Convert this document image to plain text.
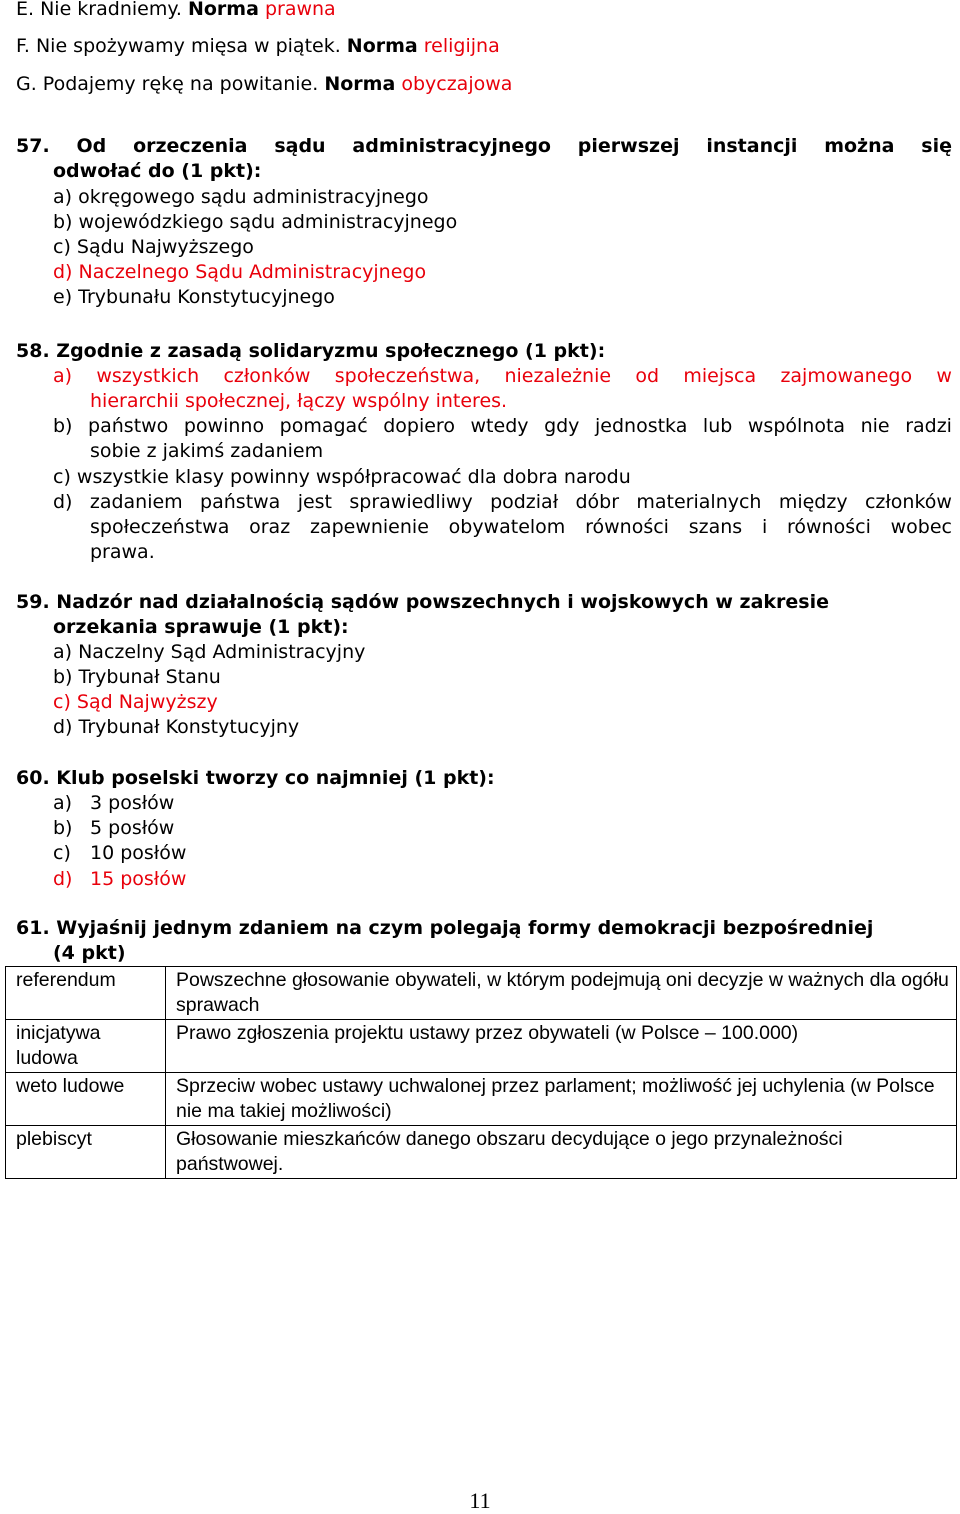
E. Nie kradniemy. Norma prawna
F. Nie spożywamy mięsa w piątek. Norma religijna
G. Podajemy rękę na powitanie. Norma obyczajowa
57. Od orzeczenia sądu administracyjnego pierwszej instancji można się
odwołać do (1 pkt):
a) okręgowego sądu administracyjnego
b) wojewódzkiego sądu administracyjnego
c) Sądu Najwyższego
d) Naczelnego Sądu Administracyjnego
e) Trybunału Konstytucyjnego
58. Zgodnie z zasadą solidaryzmu społecznego (1 pkt):
a) wszystkich członków społeczeństwa, niezależnie od miejsca zajmowanego w
hierarchii społecznej, łączy wspólny interes.
b) państwo powinno pomagać dopiero wtedy gdy jednostka lub wspólnota nie radzi
sobie z jakimś zadaniem
c) wszystkie klasy powinny współpracować dla dobra narodu
d) zadaniem państwa jest sprawiedliwy podział dóbr materialnych między członków
społeczeństwa oraz zapewnienie obywatelom równości szans i równości wobec
prawa.
59. Nadzór nad działalnością sądów powszechnych i wojskowych w zakresie
orzekania sprawuje (1 pkt):
a) Naczelny Sąd Administracyjny
b) Trybunał Stanu
c) Sąd Najwyższy
d) Trybunał Konstytucyjny
60. Klub poselski tworzy co najmniej (1 pkt):
a) 3 posłów
b) 5 posłów
c) 10 posłów
d) 15 posłów
61. Wyjaśnij jednym zdaniem na czym polegają formy demokracji bezpośredniej
(4 pkt)
referendum	Powszechne głosowanie obywateli, w którym podejmują oni decyzje w ważnych dla ogółu sprawach
inicjatywa ludowa	Prawo zgłoszenia projektu ustawy przez obywateli (w Polsce – 100.000)
weto ludowe	Sprzeciw wobec ustawy uchwalonej przez parlament; możliwość jej uchylenia (w Polsce nie ma takiej możliwości)
plebiscyt	Głosowanie mieszkańców danego obszaru decydujące o jego przynależności państwowej.
11
